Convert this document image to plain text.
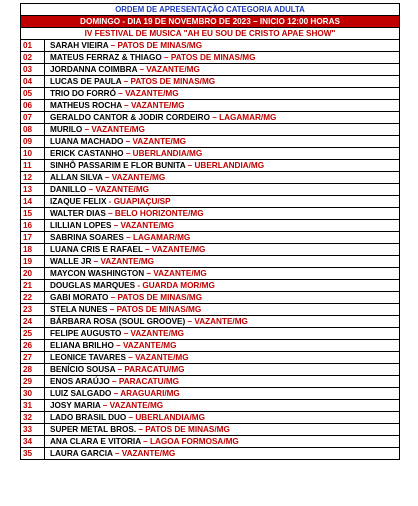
ORDEM DE APRESENTAÇÃO CATEGORIA ADULTA	
DOMINGO - DIA 19 DE NOVEMBRO DE 2023 – INICIO 12:00 HORAS	
IV FESTIVAL DE MUSICA "AH EU SOU DE CRISTO APAE SHOW"	
01	SARAH VIEIRA – PATOS DE MINAS/MG
02	MATEUS FERRAZ & THIAGO – PATOS DE MINAS/MG
03	JORDANNA COIMBRA – VAZANTE/MG
04	LUCAS DE PAULA – PATOS DE MINAS/MG
05	TRIO DO FORRÓ – VAZANTE/MG
06	MATHEUS ROCHA – VAZANTE/MG
07	GERALDO CANTOR & JODIR CORDEIRO – LAGAMAR/MG
08	MURILO – VAZANTE/MG
09	LUANA MACHADO – VAZANTE/MG
10	ERICK CASTANHO – UBERLANDIA/MG
11	SINHÔ PASSARIM E FLOR BUNITA – UBERLANDIA/MG
12	ALLAN SILVA – VAZANTE/MG
13	DANILLO – VAZANTE/MG
14	IZAQUE FELIX - GUAPIAÇU/SP
15	WALTER DIAS – BELO HORIZONTE/MG
16	LILLIAN LOPES – VAZANTE/MG
17	SABRINA SOARES – LAGAMAR/MG
18	LUANA CRIS E RAFAEL – VAZANTE/MG
19	WALLE JR – VAZANTE/MG
20	MAYCON WASHINGTON – VAZANTE/MG
21	DOUGLAS MARQUES - GUARDA MOR/MG
22	GABI MORATO – PATOS DE MINAS/MG
23	STELA NUNES – PATOS DE MINAS/MG
24	BÁRBARA ROSA (SOUL GROOVE) – VAZANTE/MG
25	FELIPE AUGUSTO – VAZANTE/MG
26	ELIANA BRILHO – VAZANTE/MG
27	LEONICE TAVARES – VAZANTE/MG
28	BENÍCIO SOUSA – PARACATU/MG
29	ENOS ARAÚJO – PARACATU/MG
30	LUIZ SALGADO – ARAGUARI/MG
31	JOSY MARIA – VAZANTE/MG
32	LADO BRASIL DUO – UBERLANDIA/MG
33	SUPER METAL BROS. – PATOS DE MINAS/MG
34	ANA CLARA E VITORIA – LAGOA FORMOSA/MG
35	LAURA GARCIA – VAZANTE/MG
